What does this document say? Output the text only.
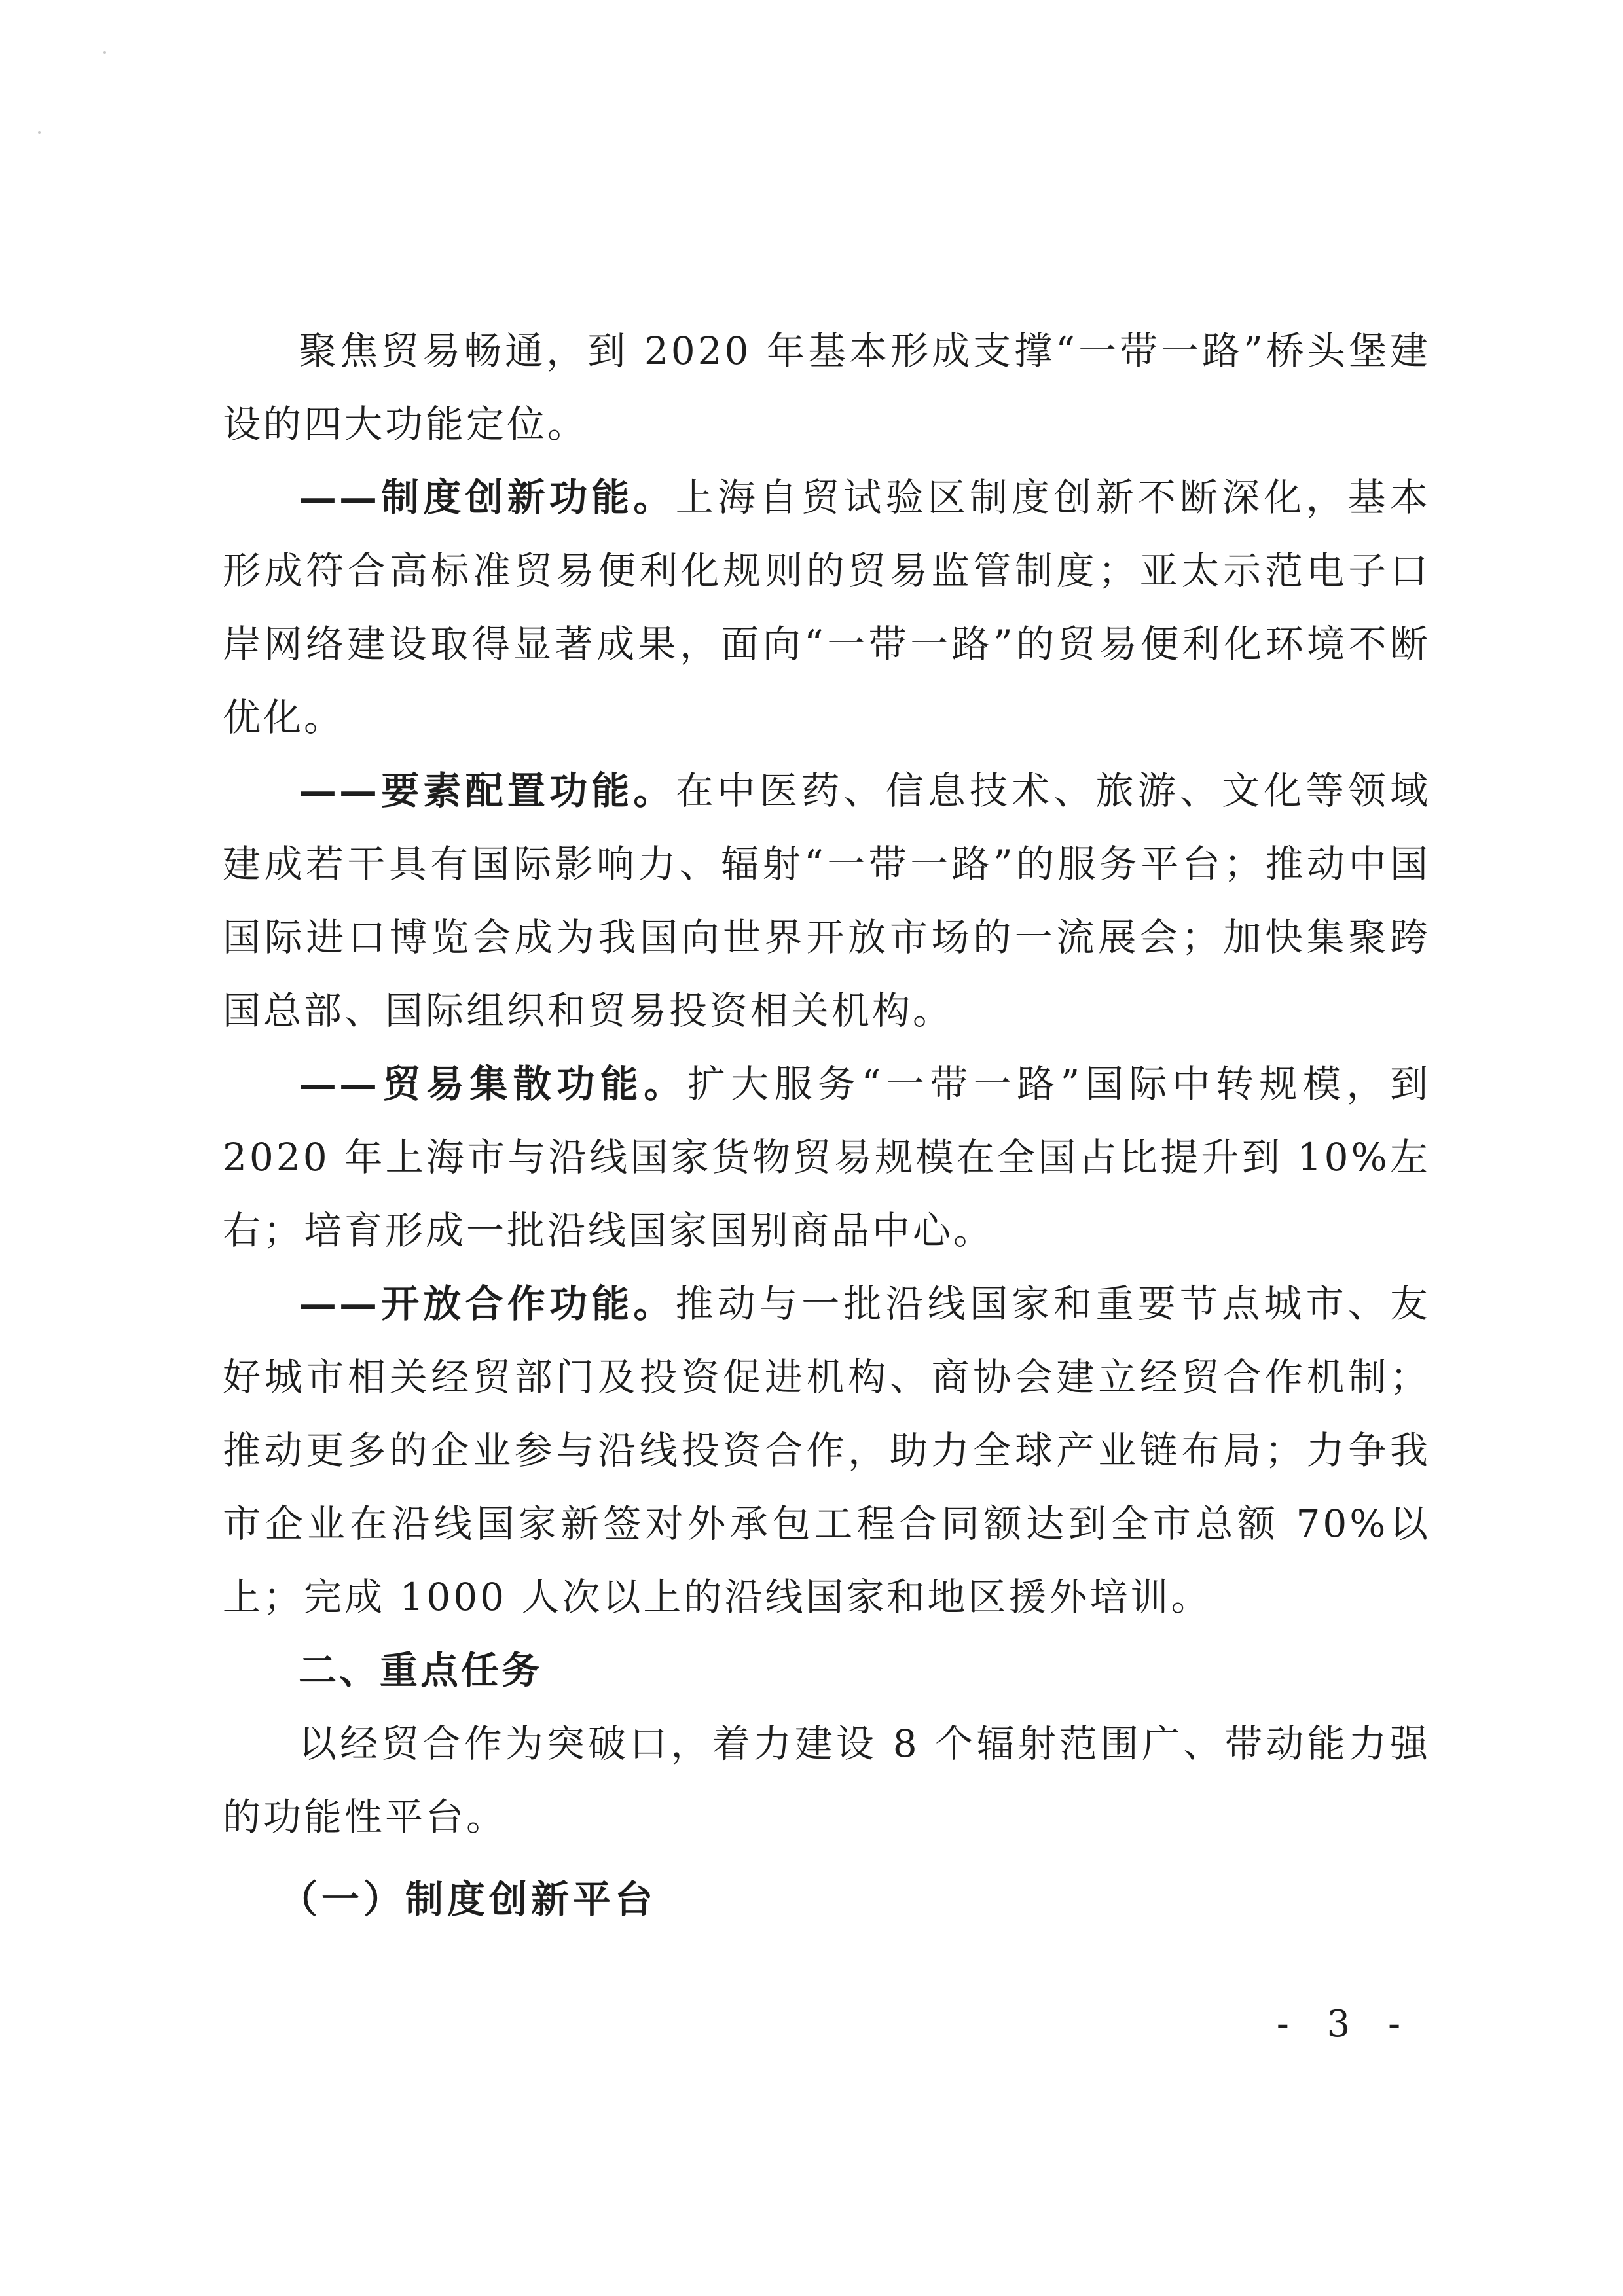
聚焦贸易畅通，到 2020 年基本形成支撑“一带一路”桥头堡建设的四大功能定位。

——制度创新功能。上海自贸试验区制度创新不断深化，基本形成符合高标准贸易便利化规则的贸易监管制度；亚太示范电子口岸网络建设取得显著成果，面向“一带一路”的贸易便利化环境不断优化。

——要素配置功能。在中医药、信息技术、旅游、文化等领域建成若干具有国际影响力、辐射“一带一路”的服务平台；推动中国国际进口博览会成为我国向世界开放市场的一流展会；加快集聚跨国总部、国际组织和贸易投资相关机构。

——贸易集散功能。扩大服务“一带一路”国际中转规模，到 2020 年上海市与沿线国家货物贸易规模在全国占比提升到 10%左右；培育形成一批沿线国家国别商品中心。

——开放合作功能。推动与一批沿线国家和重要节点城市、友好城市相关经贸部门及投资促进机构、商协会建立经贸合作机制；推动更多的企业参与沿线投资合作，助力全球产业链布局；力争我市企业在沿线国家新签对外承包工程合同额达到全市总额 70%以上；完成 1000 人次以上的沿线国家和地区援外培训。

二、重点任务

以经贸合作为突破口，着力建设 8 个辐射范围广、带动能力强的功能性平台。

（一）制度创新平台

- 3 -
